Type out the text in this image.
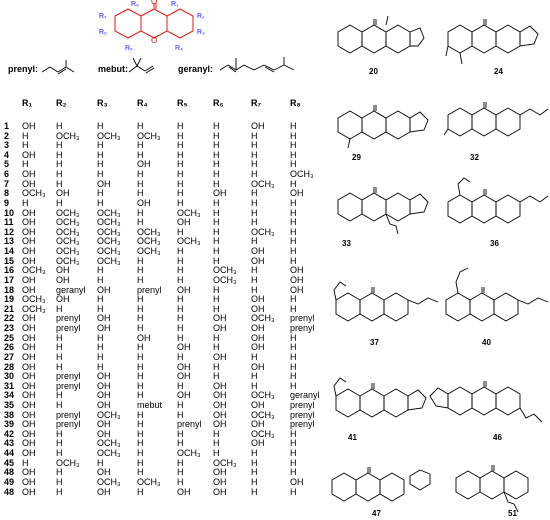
O
O
R₈	R₁
R₇
R₆
R₂
R₃
R₅	R₄
prenyl:	mebut:	geranyl:
R₁	R₂	R₃	R₄	R₅	R₆	R₇	R₈
1 OH H	H	H	H	H	OH	H
2 H	OCH₃ OCH₃ OCH₃ H	H	H	H
3 H	H	H	H	H	H	H	H
4 OH H	H	H	H	H	H	H
5 H	H	H	OH	H	H	H	H
6 OH H	H	H	H	H	H	OCH₃
7 OH H	OH	H	H	H	OCH₃ H
8 OCH₃ OH	H	H	H	OH	H	OH
9 H	H	H	OH	H	H	H	H
10 OH OCH₃ OCH₃ H	OCH₃ H	H	H
11 OH OCH₃ OCH₃ H	OH	H	H	H
12 OH OCH₃ OCH₃ OCH₃ H	H	OCH₃ H
13 OH OCH₃ OCH₃ OCH₃ OCH₃ H	H	H
14 OH OCH₃ OCH₃ OCH₃ H	H	OH	H
15 OH OCH₃ OCH₃ H	H	H	OH	H
16 OCH₃ OH	H	H	H	OCH₃ H	OH
17 OH OH	H	H	H	OCH₃ H	OH
18 OH geranyl OH	prenyl OH	H	H	OH
19 OCH₃ OH	H	H	H	H	OH	H
21 OCH₃ H	H	H	H	H	OH	H
22 OH prenyl OH	H	H	OH	OCH₃ prenyl
23 OH prenyl OH	H	H	OH	OH	prenyl
25 OH H	H	OH	H	H	OH	H
26 OH H	H	H	OH	H	OH	H
27 OH H	H	H	H	OH	H	H
28 OH H	H	H	OH	H	OH	H
30 OH prenyl OH	H	OH	H	H	H
31 OH prenyl OH	H	H	OH	H	H
34 OH H	OH	H	OH	OH	OCH₃ geranyl
35 OH H	OH	mebut H	OH	OH	prenyl
38 OH prenyl OCH₃ H	H	OH	OCH₃ prenyl
39 OH prenyl OH	H	prenyl OH	OH	prenyl
42 OH H	OH	H	H	H	OCH₃ H
43 OH H	OCH₃ H	H	H	OH	H
44 OH H	OCH₃ H	OCH₃ H	H	H
45 H	OCH₃ H	H	H	OCH₃ H	H
48 OH H	OH	H	H	OH	H	H
49 OH H	OCH₃ OCH₃ H	OH	H	OH
48 OH H	OH	H	OH	OH	H	H
20	24
29	32
33	36
37	40
41	46
47	51
